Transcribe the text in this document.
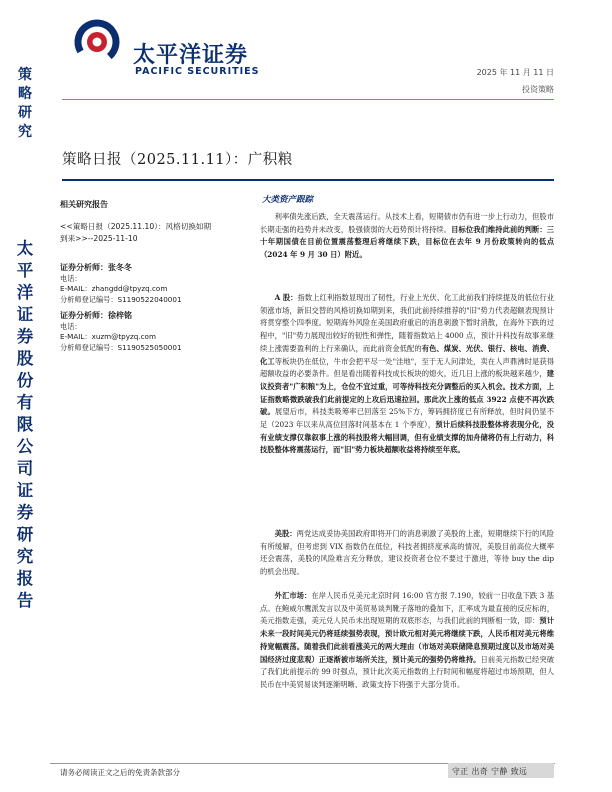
策略研究
太平洋证券股份有限公司证券研究报告
太平洋证券
PACIFIC SECURITIES	2025 年 11 月 11 日
投资策略
策略日报（2025.11.11）：广积粮
相关研究报告
<<策略日报（2025.11.10）：风格切换如期到来>>--2025-11-10
证券分析师：张冬冬
电话：
E-MAIL：zhangdd@tpyzq.com
分析师登记编号：S1190522040001
证券分析师：徐梓铭
电话：
E-MAIL：xuzm@tpyzq.com
分析师登记编号：S1190525050001
大类资产跟踪

利率债先涨后跌，全天震荡运行。从技术上看，短期债市仍有进一步上行动力，但股市长期走强的趋势并未改变，股强债弱的大趋势预计将持续。目标位我们维持此前的判断：三十年期国债在目前位置震荡整理后将继续下跌，目标位在去年 9 月份政策转向的低点（2024 年 9 月 30 日）附近。

A 股：指数上红利指数显现出了韧性，行业上光伏、化工此前我们持续提及的低位行业领涨市场，新旧交替的风格切换如期到来，我们此前持续推荐的"旧"势力代表超额表现预计将贯穿整个四季度。短期海外风险在美国政府重启的消息刺激下暂时消散，在海外下跌的过程中，"旧"势力展现出较好的韧性和弹性，随着指数站上 4000 点，预计升科技有故事来继续上涨需要盈利的上行来确认，而此前资金低配的有色、煤炭、光伏、银行、核电、消费、化工等板块仍在低位，牛市会把平尽一处"洼地"，至于无人问津处，卖在人声鼎沸时是获得超额收益的必要条件。但是看出随着科技成长板块的熄火，近几日上涨的板块越来越少，建议投资者"广积粮"为上，仓位不宜过重，可等待科技充分调整后的买入机会。技术方面，上证指数略微跌破我们此前提定的上攻后迅速拉回。那此次上涨的低点 3922 点使不再次跌破。展望后市，科技类吸筹率已回落至 25%下方，筹码拥挤度已有所释放，但时间仍显不足（2023 年以来从高位回落时间基本在 1 个季度），预计后续科技股整体将表现分化，没有业绩支撑仅靠叙事上涨的科技股将大幅回调，但有业绩支撑的加舟储将仍有上行动力，科技股整体将震荡运行，而"旧"势力板块超额收益将持续至年底。

美股：两党达成妥协美国政府即将开门的消息刺激了美股的上涨，短期继续下行的风险有所缓解，但考虑到 VIX 指数仍在低位，科技者拥挤度承高的情况，美股目前高位大概率还会震荡，美股的风险难言充分释放，建议投资者仓位不要过于激进，等待 buy the dip 的机会出现。

外汇市场：在岸人民币兑美元北京时间 16:00 官方报 7.190，较前一日收盘下跌 3 基点。在鲍威尔鹰派发言以及中美贸易谈判靴子落地的叠加下，汇率成为最直接的反应标的，美元指数走强，美元兑人民币未出现短期的双底形态，与我们此前的判断相一致，即：预计未来一段时间美元仍将延续强势表现，预计欧元相对美元将继续下跌，人民币相对美元将维持宽幅震荡。随着我们此前看涨美元的两大理由（市场对美联储降息预期过度以及市场对美国经济过度悲观）正逐渐被市场所关注，预计美元的强势仍将维持。日前美元指数已经突破了我们此前提示的 99 时强点，预计此次美元指数的上行时间和幅度将超过市场预期，但人民币在中美贸易谈判逐渐明晰、政策支持下将强于大部分货币。

请务必阅读正文之后的免责条款部分	守正 出奇 宁静 致远
